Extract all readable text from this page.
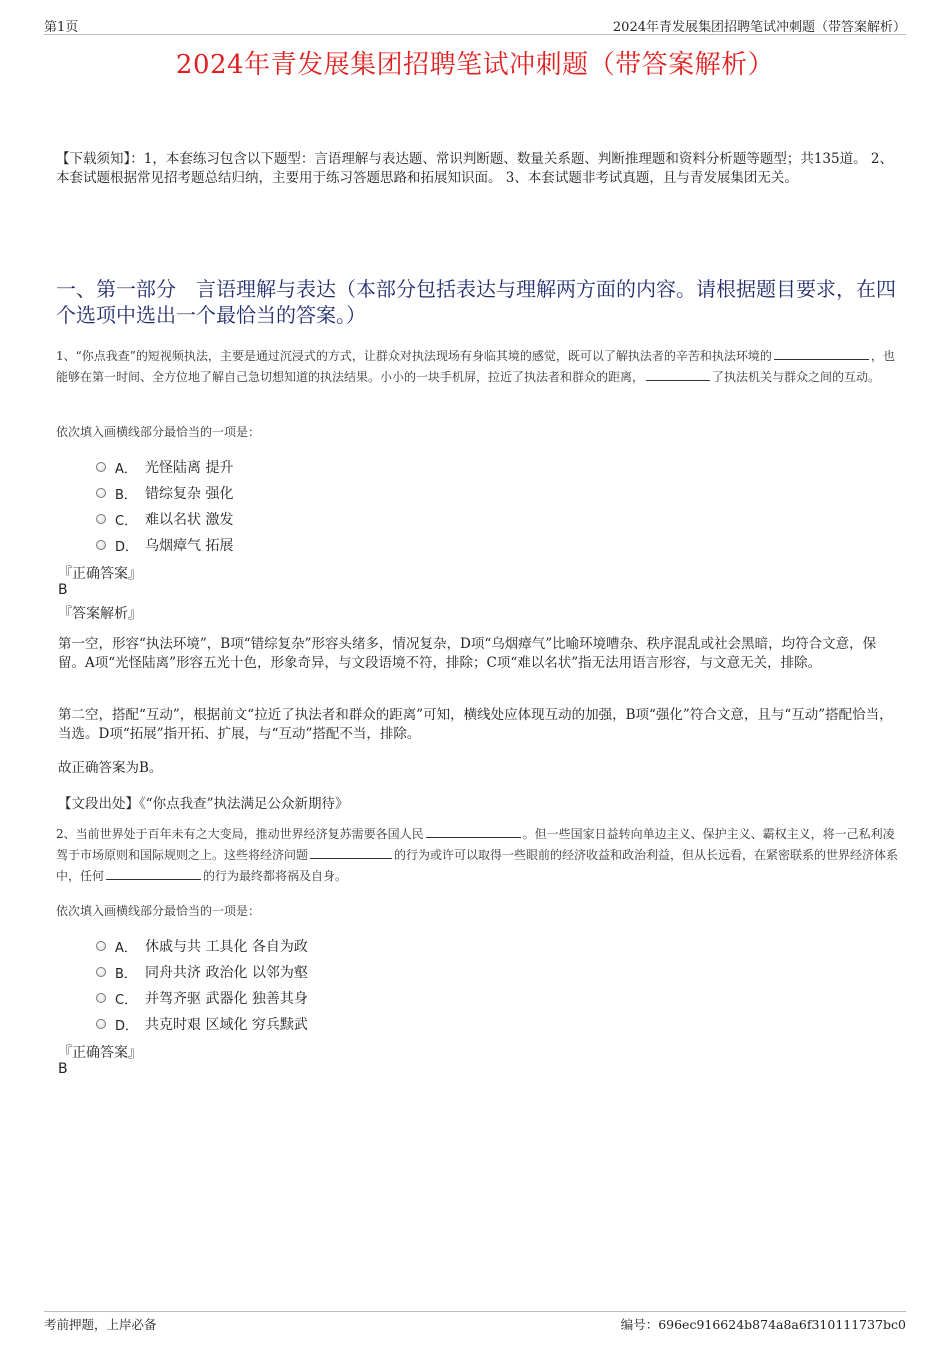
第1页	2024年青发展集团招聘笔试冲刺题（带答案解析）
2024年青发展集团招聘笔试冲刺题（带答案解析）
【下载须知】：1，本套练习包含以下题型：言语理解与表达题、常识判断题、数量关系题、判断推理题和资料分析题等题型；共135道。 2、本套试题根据常见招考题总结归纳，主要用于练习答题思路和拓展知识面。 3、本套试题非考试真题，且与青发展集团无关。
一、第一部分　言语理解与表达（本部分包括表达与理解两方面的内容。请根据题目要求，在四个选项中选出一个最恰当的答案。）
1、“你点我查”的短视频执法，主要是通过沉浸式的方式，让群众对执法现场有身临其境的感觉，既可以了解执法者的辛苦和执法环境的	，也能够在第一时间、全方位地了解自己急切想知道的执法结果。小小的一块手机屏，拉近了执法者和群众的距离，	了执法机关与群众之间的互动。
依次填入画横线部分最恰当的一项是：
A． 光怪陆离 提升
B． 错综复杂 强化
C． 难以名状 激发
D． 乌烟瘴气 拓展
『正确答案』
B
『答案解析』
第一空，形容“执法环境”，B项“错综复杂”形容头绪多，情况复杂，D项“乌烟瘴气”比喻环境嘈杂、秩序混乱或社会黑暗，均符合文意，保留。A项“光怪陆离”形容五光十色，形象奇异，与文段语境不符，排除；C项“难以名状”指无法用语言形容，与文意无关，排除。
第二空，搭配“互动”，根据前文“拉近了执法者和群众的距离”可知，横线处应体现互动的加强，B项“强化”符合文意，且与“互动”搭配恰当，当选。D项“拓展”指开拓、扩展，与“互动”搭配不当，排除。
故正确答案为B。
【文段出处】《“你点我查”执法满足公众新期待》
2、当前世界处于百年未有之大变局，推动世界经济复苏需要各国人民	。但一些国家日益转向单边主义、保护主义、霸权主义，将一己私利凌驾于市场原则和国际规则之上。这些将经济问题	的行为或许可以取得一些眼前的经济收益和政治利益，但从长远看，在紧密联系的世界经济体系中，任何	的行为最终都将祸及自身。
依次填入画横线部分最恰当的一项是：
A． 休戚与共 工具化 各自为政
B． 同舟共济 政治化 以邻为壑
C． 并驾齐驱 武器化 独善其身
D． 共克时艰 区域化 穷兵黩武
『正确答案』
B
考前押题，上岸必备	编号：696ec916624b874a8a6f310111737bc0
